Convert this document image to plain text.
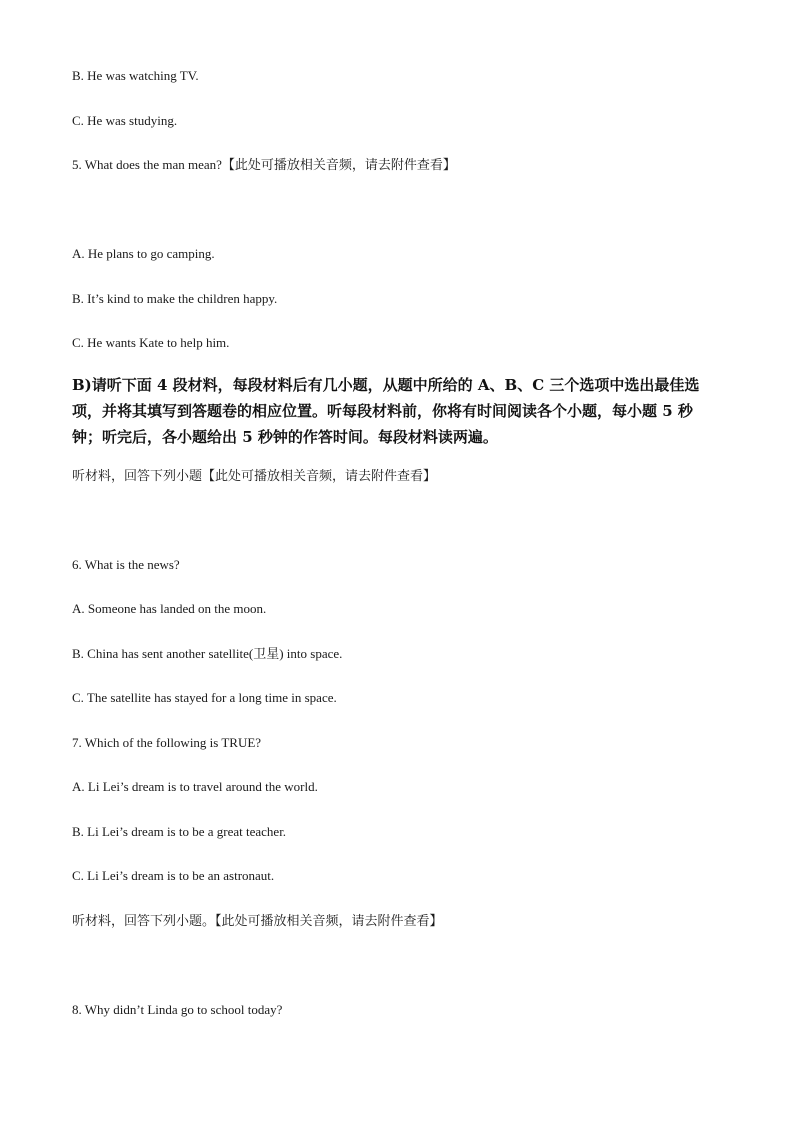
B. He was watching TV.
C. He was studying.
5. What does the man mean?【此处可播放相关音频，请去附件查看】
A. He plans to go camping.
B. It’s kind to make the children happy.
C. He wants Kate to help him.
B)请听下面 4 段材料，每段材料后有几小题，从题中所给的 A、B、C 三个选项中选出最佳选项，并将其填写到答题卷的相应位置。听每段材料前，你将有时间阅读各个小题，每小题 5 秒钟；听完后，各小题给出 5 秒钟的作答时间。每段材料读两遍。
听材料，回答下列小题【此处可播放相关音频，请去附件查看】
6. What is the news?
A. Someone has landed on the moon.
B. China has sent another satellite(卫星) into space.
C. The satellite has stayed for a long time in space.
7. Which of the following is TRUE?
A. Li Lei’s dream is to travel around the world.
B. Li Lei’s dream is to be a great teacher.
C. Li Lei’s dream is to be an astronaut.
听材料，回答下列小题。【此处可播放相关音频，请去附件查看】
8. Why didn’t Linda go to school today?
